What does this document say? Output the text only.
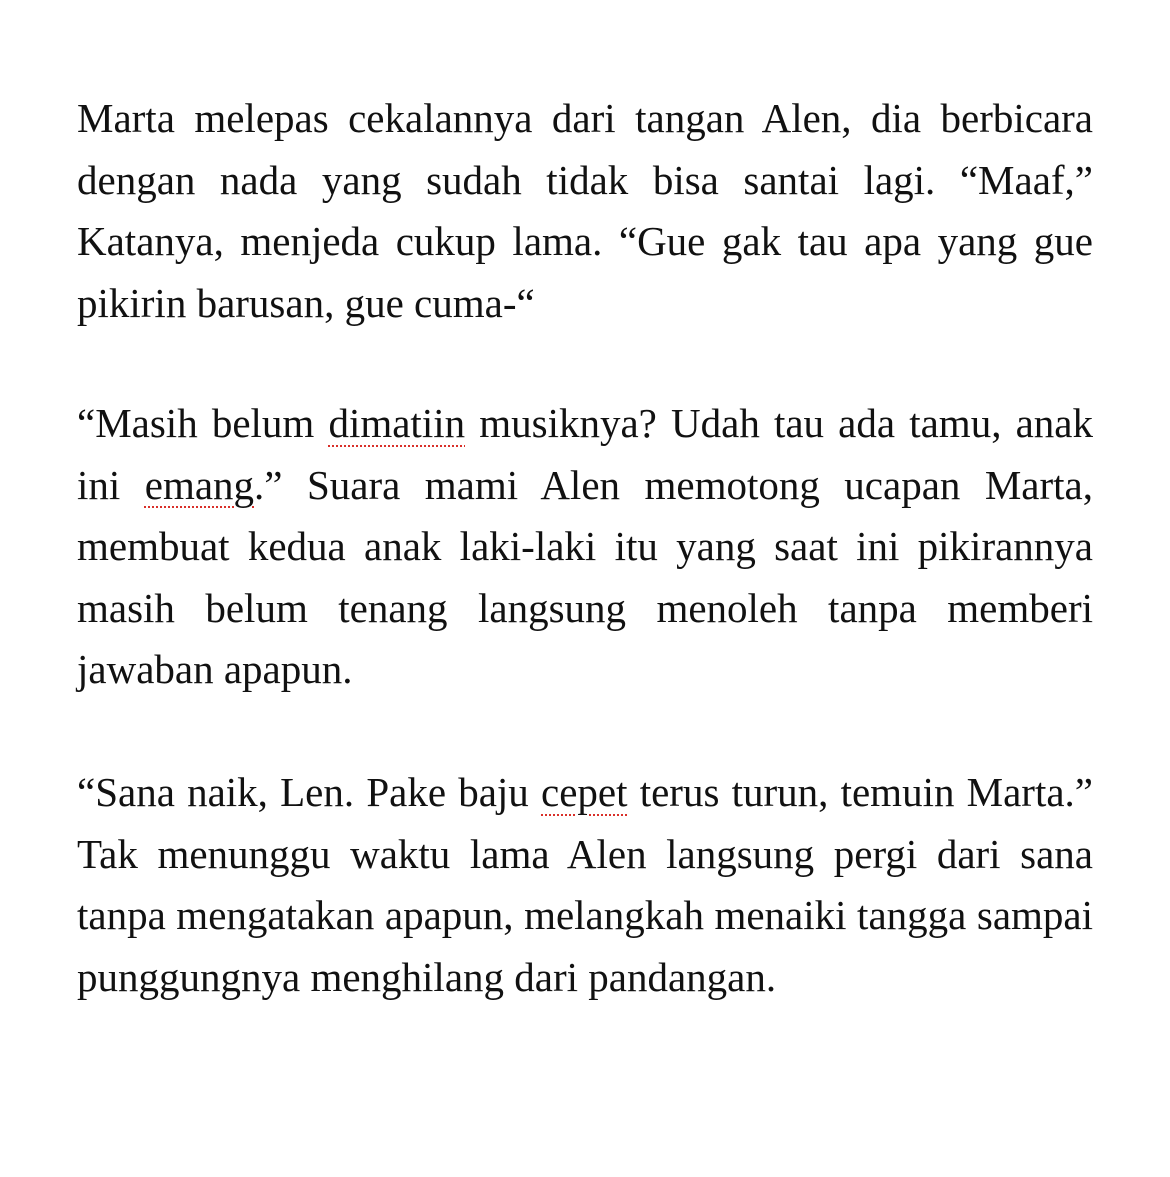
Marta melepas cekalannya dari tangan Alen, dia berbicara dengan nada yang sudah tidak bisa santai lagi. “Maaf,” Katanya, menjeda cukup lama. “Gue gak tau apa yang gue pikirin barusan, gue cuma-“

“Masih belum dimatiin musiknya? Udah tau ada tamu, anak ini emang.” Suara mami Alen memotong ucapan Marta, membuat kedua anak laki-laki itu yang saat ini pikirannya masih belum tenang langsung menoleh tanpa memberi jawaban apapun.

“Sana naik, Len. Pake baju cepet terus turun, temuin Marta.” Tak menunggu waktu lama Alen langsung pergi dari sana tanpa mengatakan apapun, melangkah menaiki tangga sampai punggungnya menghilang dari pandangan.
